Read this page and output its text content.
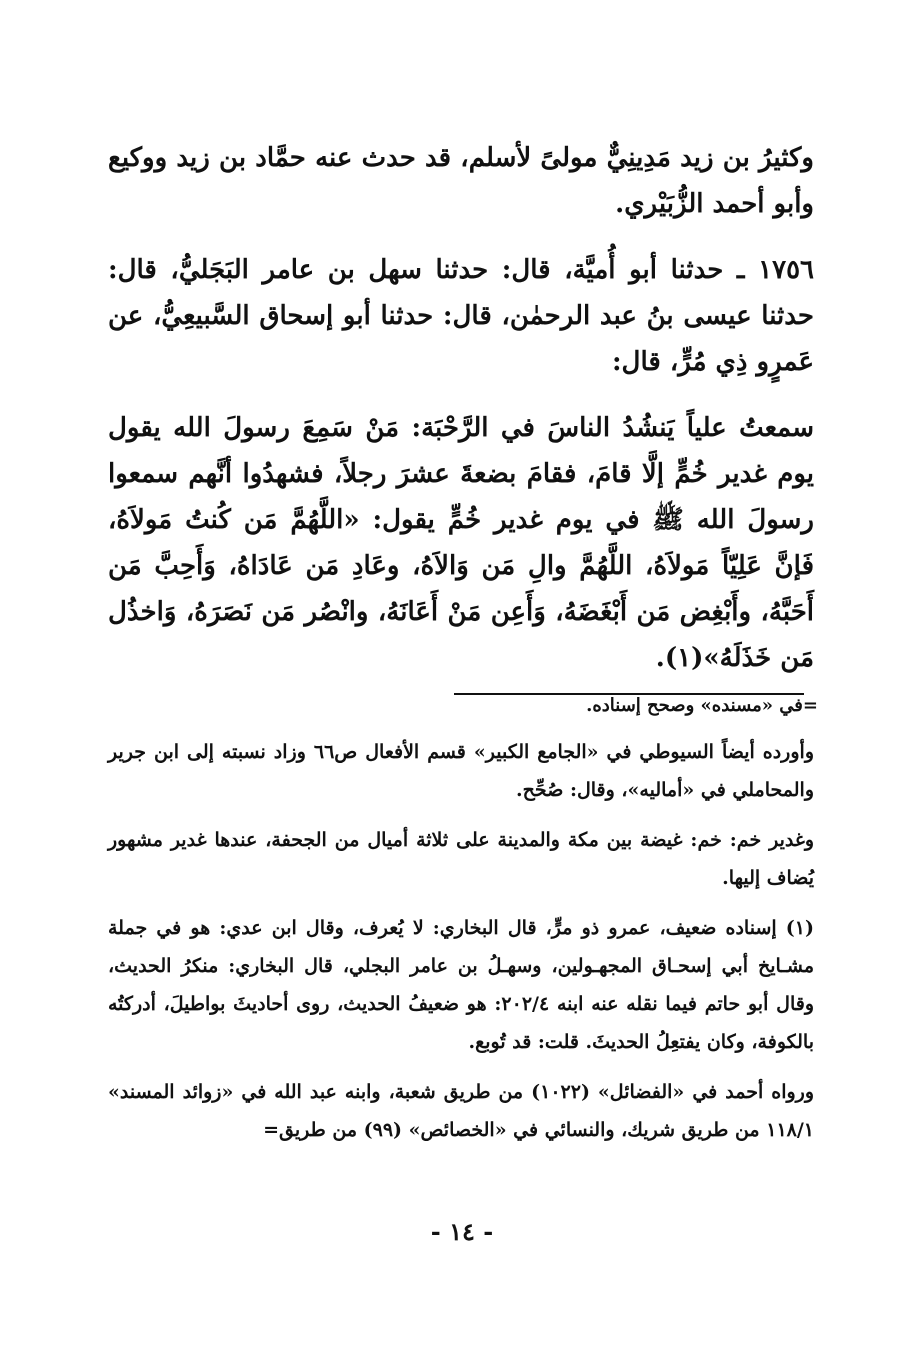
وكثيرُ بن زيد مَدِينِيٌّ مولىً لأسلم، قد حدث عنه حمَّاد بن زيد ووكيع وأبو أحمد الزُّبَيْري.

١٧٥٦ ـ حدثنا أبو أُميَّة، قال: حدثنا سهل بن عامر البَجَليُّ، قال: حدثنا عيسى بنُ عبد الرحمٰن، قال: حدثنا أبو إسحاق السَّبيعِيُّ، عن عَمرٍو ذِي مُرٍّ، قال:

سمعتُ علياً يَنشُدُ الناسَ في الرَّحْبَة: مَنْ سَمِعَ رسولَ الله يقول يوم غدير خُمٍّ إلَّا قامَ، فقامَ بضعةَ عشرَ رجلاً، فشهدُوا أنَّهم سمعوا رسولَ الله ﷺ في يوم غدير خُمٍّ يقول: «اللَّهُمَّ مَن كُنتُ مَولاَهُ، فَإنَّ عَلِيّاً مَولاَهُ، اللَّهُمَّ والِ مَن وَالاَهُ، وعَادِ مَن عَادَاهُ، وَأَحِبَّ مَن أَحَبَّهُ، وأَبْغِض مَن أَبْغَضَهُ، وَأَعِن مَنْ أَعَانَهُ، وانْصُر مَن نَصَرَهُ، وَاخذُل مَن خَذَلَهُ»(١).

=في «مسنده» وصحح إسناده.

وأورده أيضاً السيوطي في «الجامع الكبير» قسم الأفعال ص٦٦ وزاد نسبته إلى ابن جرير والمحاملي في «أماليه»، وقال: صُحِّح.

وغدير خم: خم: غيضة بين مكة والمدينة على ثلاثة أميال من الجحفة، عندها غدير مشهور يُضاف إليها.

(١) إسناده ضعيف، عمرو ذو مرٍّ، قال البخاري: لا يُعرف، وقال ابن عدي: هو في جملة مشـايخ أبي إسحـاق المجهـولين، وسهـلُ بن عامر البجلي، قال البخاري: منكرُ الحديث، وقال أبو حاتم فيما نقله عنه ابنه ٢٠٢/٤: هو ضعيفُ الحديث، روى أحاديثَ بواطيلَ، أدركتُه بالكوفة، وكان يفتعِلُ الحديثَ. قلت: قد تُوبع.

ورواه أحمد في «الفضائل» (١٠٢٢) من طريق شعبة، وابنه عبد الله في «زوائد المسند» ١١٨/١ من طريق شريك، والنسائي في «الخصائص» (٩٩) من طريق=

- ١٤ -
